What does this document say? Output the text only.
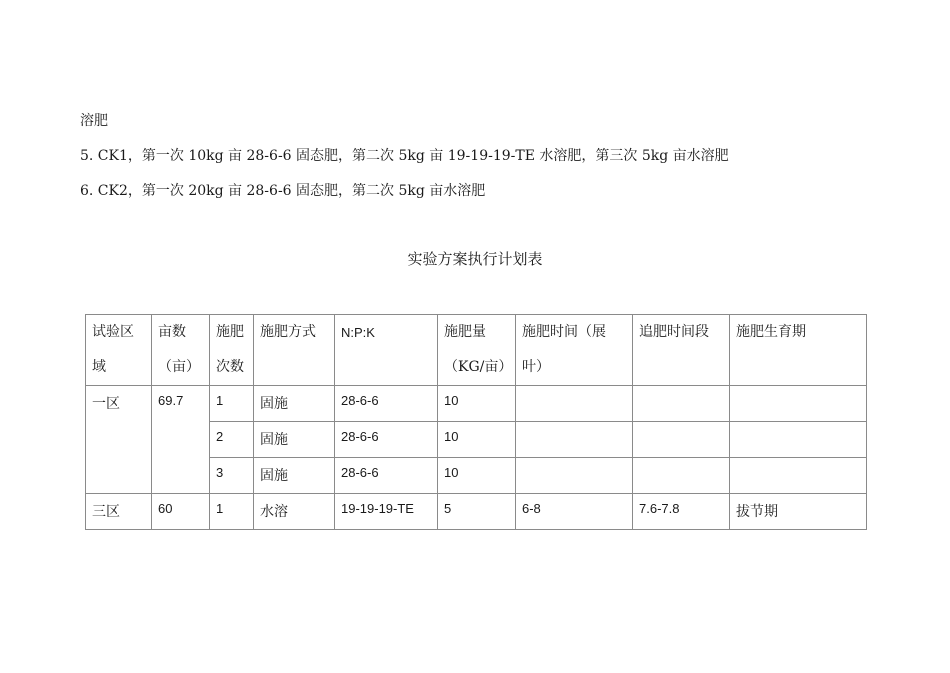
溶肥
5. CK1，第一次 10kg 亩 28-6-6 固态肥，第二次 5kg 亩 19-19-19-TE 水溶肥，第三次 5kg 亩水溶肥
6. CK2，第一次 20kg 亩 28-6-6 固态肥，第二次 5kg 亩水溶肥
实验方案执行计划表
试验区域	亩数（亩）	施肥次数	施肥方式	N:P:K	施肥量（KG/亩）	施肥时间（展叶）	追肥时间段	施肥生育期
一区	69.7	1	固施	28-6-6	10			
		2	固施	28-6-6	10			
		3	固施	28-6-6	10			
三区	60	1	水溶	19-19-19-TE	5	6-8	7.6-7.8	拔节期
